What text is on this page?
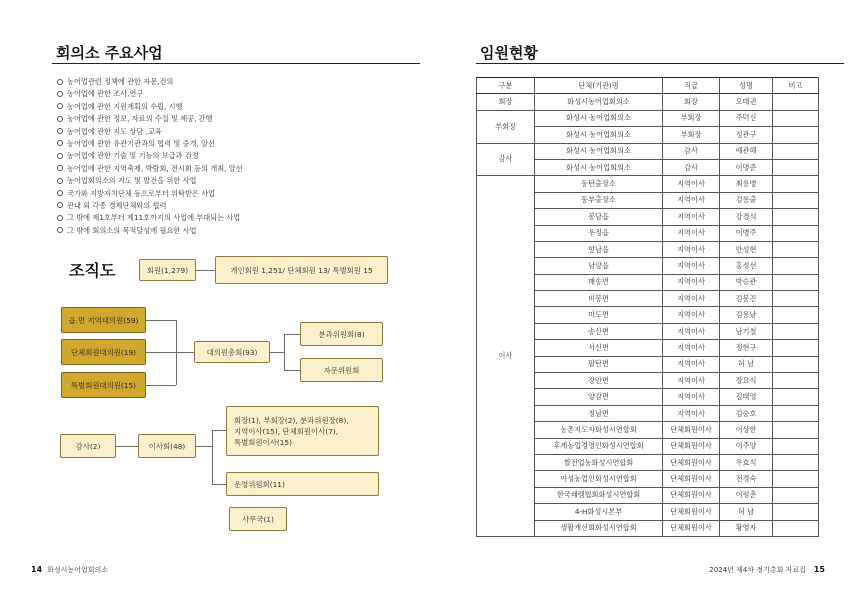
회의소 주요사업
농어업관련 정책에 관한 자문,건의
농어업에 관한 조사,연구
농어업에 관한 지원계획의 수립, 시행
농어업에 관한 정보, 자료의 수집 및 제공, 간행
농어업에 관한 지도 상담 ,교육
농어업에 관한 유관기관과의 협력 및 중개, 알선
농어업에 관한 기술 및 기능의 보급과 검정
농어업에 관한 지역축제, 박람회, 전시회 등의 개최, 알선
농어업회의소의 지도 및 발전을 위한 사업
국가와 지방자치단체 등으로부터 위탁받은 사업
관내 외 각종 경제단체와의 협력
그 밖에 제1호부터 제11호까지의 사업에 부대되는 사업
그 밖에 회의소의 목적달성에 필요한 사업
조직도	회원(1,279)	개인회원 1,251/ 단체회원 13/ 특별회원 15
읍.면 지역대의원(59)
단체회원대의원(19)
특별회원대의원(15)
대의원총회(93)
분과위원회(8)
자문위원회
감사(2)	이사회(48)
회장(1), 부회장(2), 분과위원장(8),
지역이사(15), 단체회원이사(7),
특별회원이사(15)
운영위원회(11)
사무국(1)
14 화성시농어업회의소
임원현황
구분	단체(기관)명	직급	성명	비고
회장	화성시농어업회의소	회장	오태권	
부회장	화성시 농어업회의소	부회장	주덕신	
	화성시 농어업회의소	부회장	정관구	
감사	화성시 농어업회의소	감사	예관해	
	화성시 농어업회의소	감사	이명준	
이사	동탄출장소	지역이사	최용병	
	동부출장소	지역이사	김용출	
	봉담읍	지역이사	강경석	
	우정읍	지역이사	이병주	
	향남읍	지역이사	안성현	
	남양읍	지역이사	홍정선	
	매송면	지역이사	박승관	
	비봉면	지역이사	김봉진	
	마도면	지역이사	김용남	
	송산면	지역이사	남기철	
	서신면	지역이사	정현구	
	팔탄면	지역이사	허 남	
	장안면	지역이사	장요식	
	양감면	지역이사	김태영	
	정남면	지역이사	김승호	
	농촌지도자화성시연합회	단체회원이사	이상한	
	후계농업경영인화성시연합회	단체회원이사	이주양	
	쌀전업농화성시연합회	단체회원이사	우효식	
	여성농업인화성시연합회	단체회원이사	전경숙	
	한국쇄렘협회화성시연합회	단체회원이사	이평춘	
	4-H화성시본부	단체회원이사	허 남	
	생활개선회화성시연합회	단체회원이사	황영자	
2024년 제4차 정기총회 자료집 15
